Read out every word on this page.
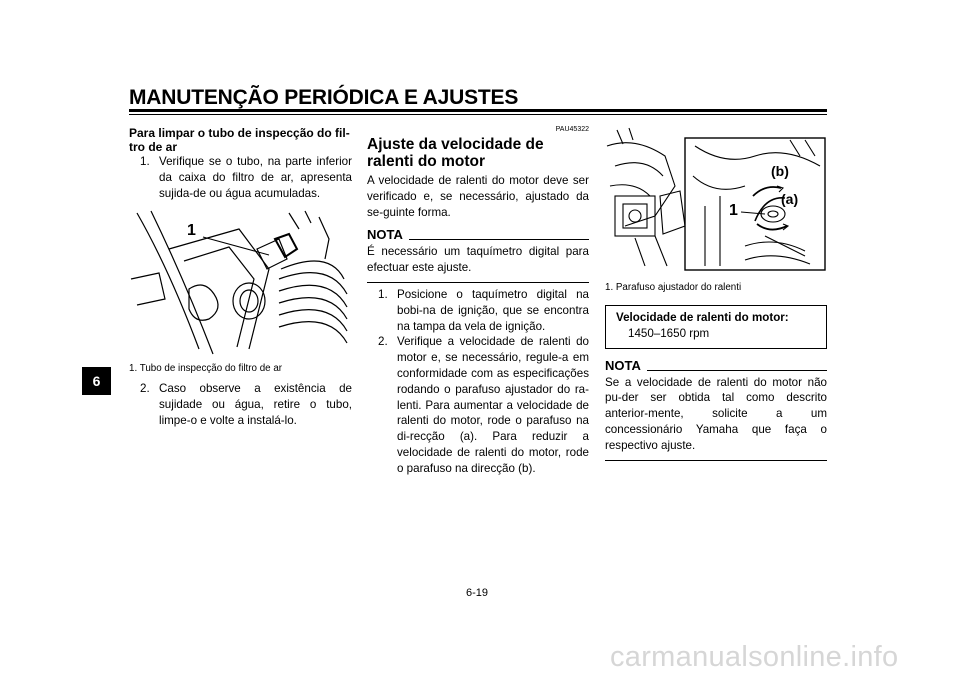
MANUTENÇÃO PERIÓDICA E AJUSTES
6
Para limpar o tubo de inspecção do fil-tro de ar
1. Verifique se o tubo, na parte inferior da caixa do filtro de ar, apresenta sujida-de ou água acumuladas.
1
1. Tubo de inspecção do filtro de ar
2. Caso observe a existência de sujidade ou água, retire o tubo, limpe-o e volte a instalá-lo.
PAU45322
Ajuste da velocidade de ralenti do motor
A velocidade de ralenti do motor deve ser verificado e, se necessário, ajustado da se-guinte forma.
NOTA
É necessário um taquímetro digital para efectuar este ajuste.
1. Posicione o taquímetro digital na bobi-na de ignição, que se encontra na tampa da vela de ignição.
2. Verifique a velocidade de ralenti do motor e, se necessário, regule-a em conformidade com as especificações rodando o parafuso ajustador do ra-lenti. Para aumentar a velocidade de ralenti do motor, rode o parafuso na di-recção (a). Para reduzir a velocidade de ralenti do motor, rode o parafuso na direcção (b).
1
(a)
(b)
1. Parafuso ajustador do ralenti
Velocidade de ralenti do motor:
1450–1650 rpm
NOTA
Se a velocidade de ralenti do motor não pu-der ser obtida tal como descrito anterior-mente, solicite a um concessionário Yamaha que faça o respectivo ajuste.
6-19
carmanualsonline.info
